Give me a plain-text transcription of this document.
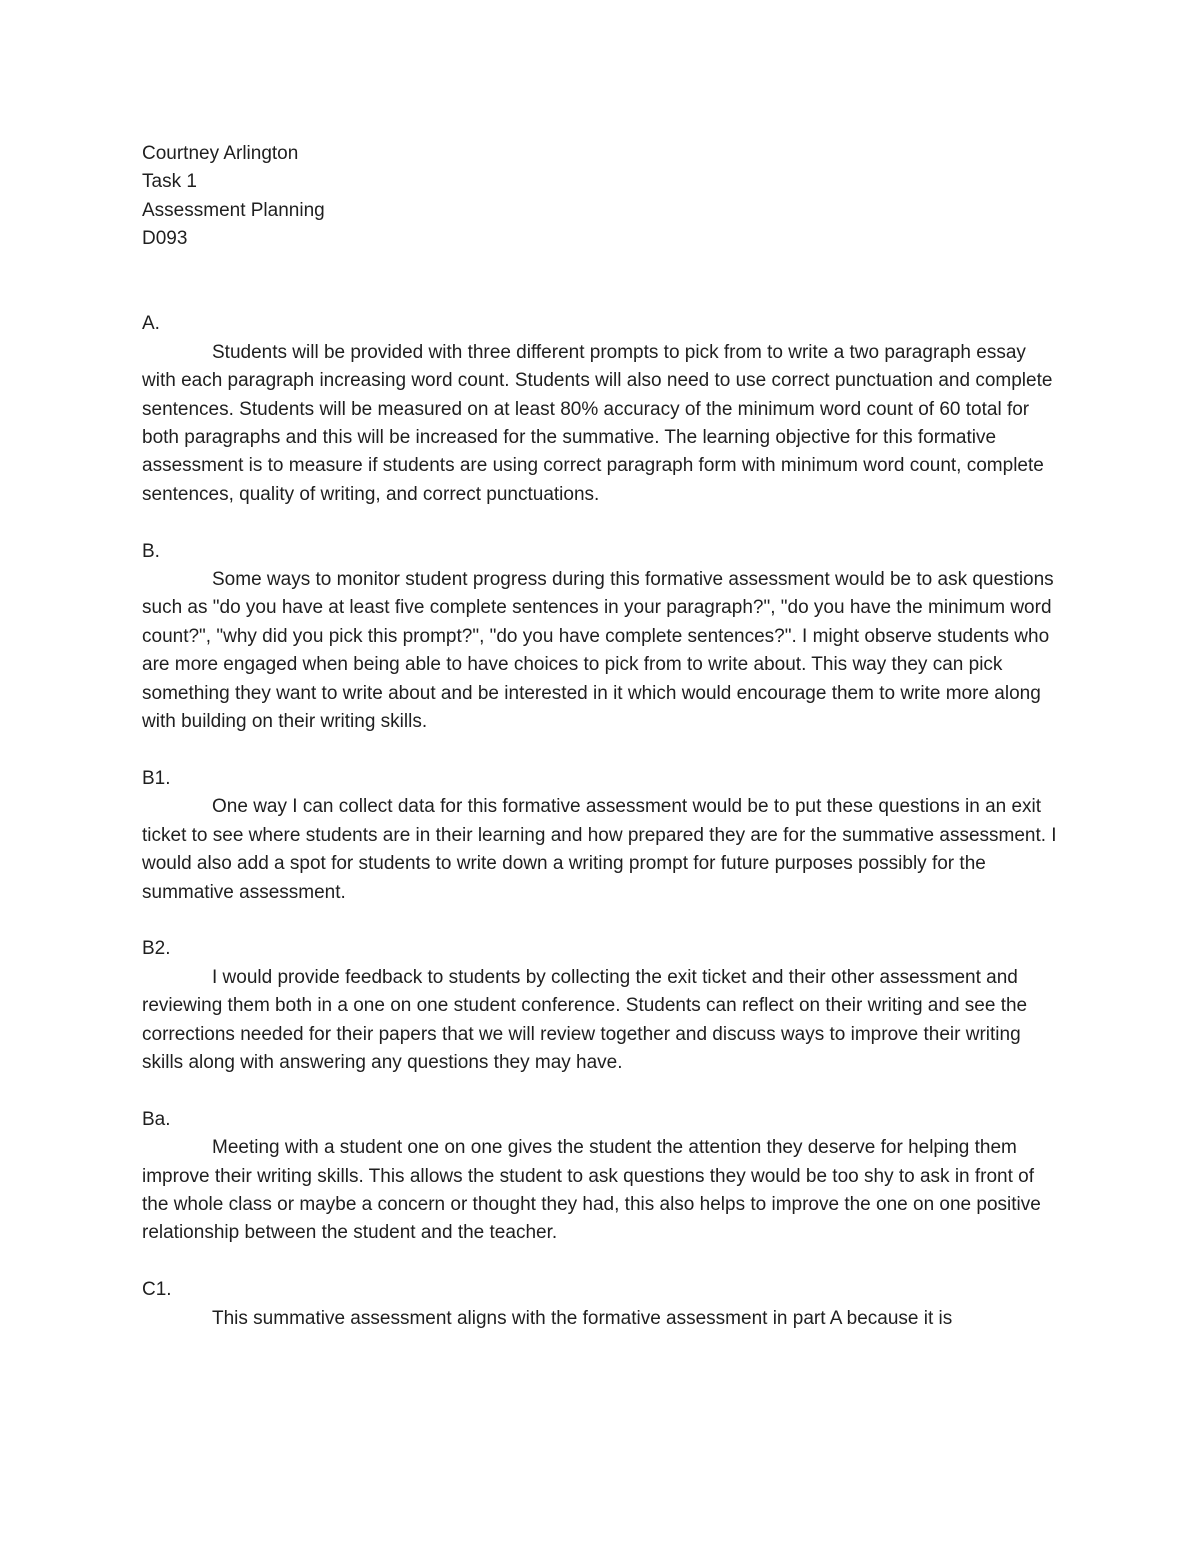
Courtney Arlington

Task 1

Assessment Planning

D093

A.

Students will be provided with three different prompts to pick from to write a two paragraph essay with each paragraph increasing word count. Students will also need to use correct punctuation and complete sentences. Students will be measured on at least 80% accuracy of the minimum word count of 60 total for both paragraphs and this will be increased for the summative. The learning objective for this formative assessment is to measure if students are using correct paragraph form with minimum word count, complete sentences, quality of writing, and correct punctuations.

B.

Some ways to monitor student progress during this formative assessment would be to ask questions such as "do you have at least five complete sentences in your paragraph?", "do you have the minimum word count?", "why did you pick this prompt?", "do you have complete sentences?". I might observe students who are more engaged when being able to have choices to pick from to write about. This way they can pick something they want to write about and be interested in it which would encourage them to write more along with building on their writing skills.

B1.

One way I can collect data for this formative assessment would be to put these questions in an exit ticket to see where students are in their learning and how prepared they are for the summative assessment. I would also add a spot for students to write down a writing prompt for future purposes possibly for the summative assessment.

B2.

I would provide feedback to students by collecting the exit ticket and their other assessment and reviewing them both in a one on one student conference. Students can reflect on their writing and see the corrections needed for their papers that we will review together and discuss ways to improve their writing skills along with answering any questions they may have.

Ba.

Meeting with a student one on one gives the student the attention they deserve for helping them improve their writing skills. This allows the student to ask questions they would be too shy to ask in front of the whole class or maybe a concern or thought they had, this also helps to improve the one on one positive relationship between the student and the teacher.

C1.

This summative assessment aligns with the formative assessment in part A because it is
